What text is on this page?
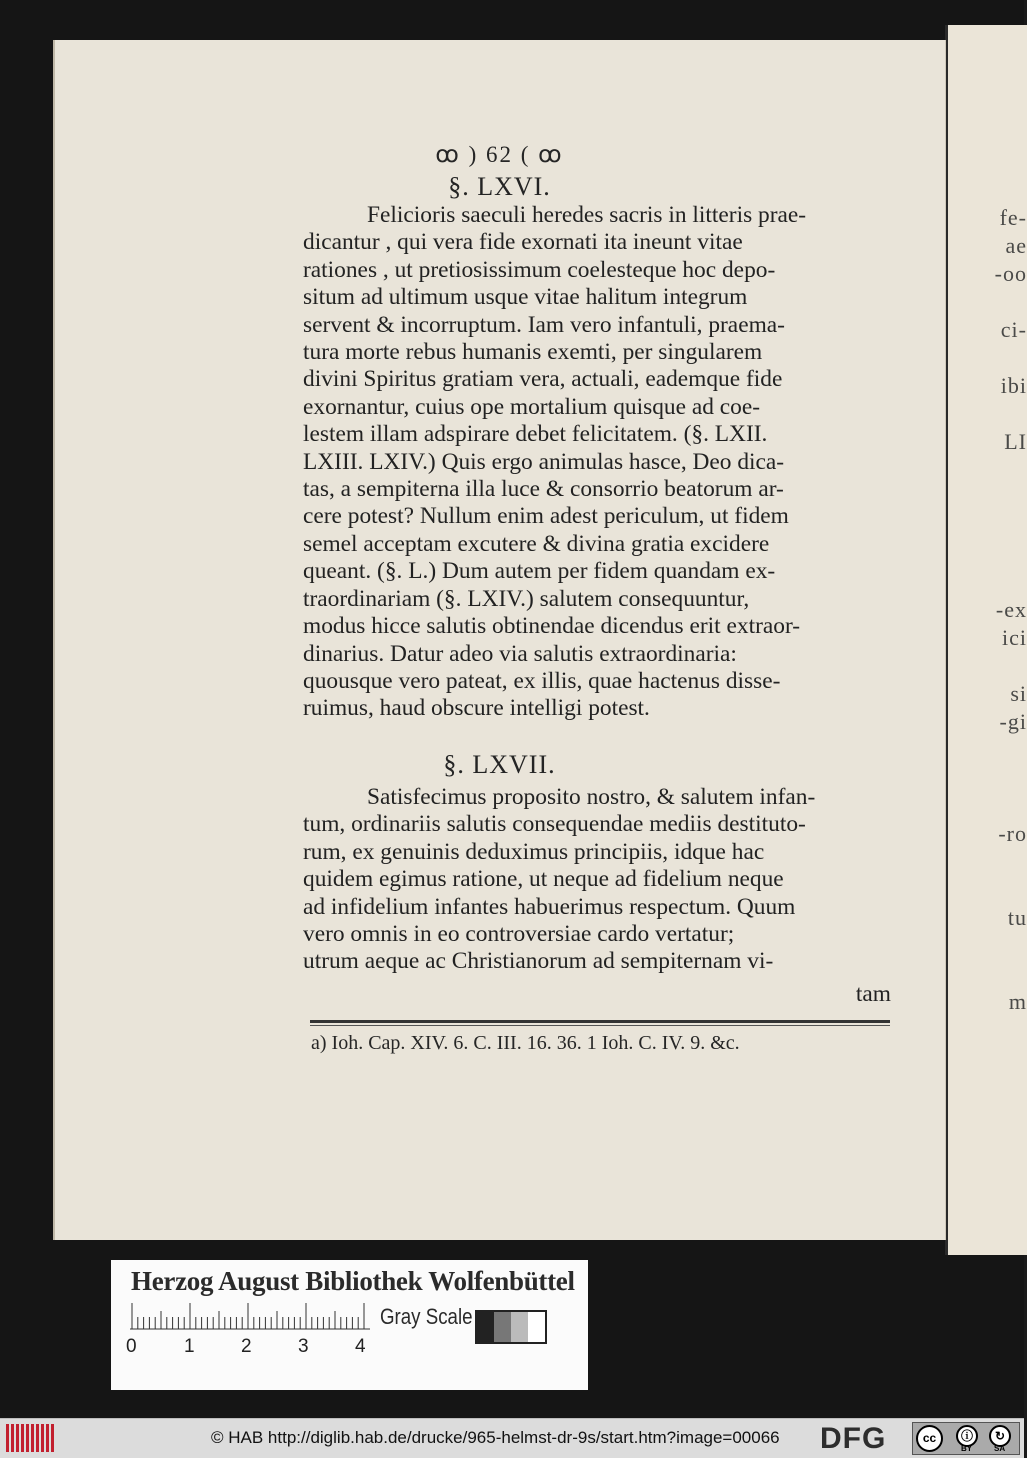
fe-
ae
-oo
ci-
ibi
LI
-ex
ici
si
-gi
-ro
tu
m
ꝏ ) 62 ( ꝏ
§. LXVI.

Felicioris saeculi heredes sacris in litteris prae-

dicantur , qui vera fide exornati ita ineunt vitae
rationes , ut pretiosissimum coelesteque hoc depo-
situm ad ultimum usque vitae halitum integrum
servent & incorruptum. Iam vero infantuli, praema-
tura morte rebus humanis exemti, per singularem
divini Spiritus gratiam vera, actuali, eademque fide
exornantur, cuius ope mortalium quisque ad coe-
lestem illam adspirare debet felicitatem. (§. LXII.
LXIII. LXIV.) Quis ergo animulas hasce, Deo dica-
tas, a sempiterna illa luce & consorrio beatorum ar-
cere potest? Nullum enim adest periculum, ut fidem
semel acceptam excutere & divina gratia excidere
queant. (§. L.) Dum autem per fidem quandam ex-
traordinariam (§. LXIV.) salutem consequuntur,
modus hicce salutis obtinendae dicendus erit extraor-
dinarius. Datur adeo via salutis extraordinaria:
quousque vero pateat, ex illis, quae hactenus disse-
ruimus, haud obscure intelligi potest.
§. LXVII.

Satisfecimus proposito nostro, & salutem infan-

tum, ordinariis salutis consequendae mediis destituto-
rum, ex genuinis deduximus principiis, idque hac
quidem egimus ratione, ut neque ad fidelium neque
ad infidelium infantes habuerimus respectum. Quum
vero omnis in eo controversiae cardo vertatur;
utrum aeque ac Christianorum ad sempiternam vi-
tam
a) Ioh. Cap. XIV. 6. C. III. 16. 36. 1 Ioh. C. IV. 9. &c.
Herzog August Bibliothek Wolfenbüttel
0 1 2 3 4
Gray Scale
© HAB http://diglib.hab.de/drucke/965-helmst-dr-9s/start.htm?image=00066 DFG	cc	ⓘ	↻
BY	SA
